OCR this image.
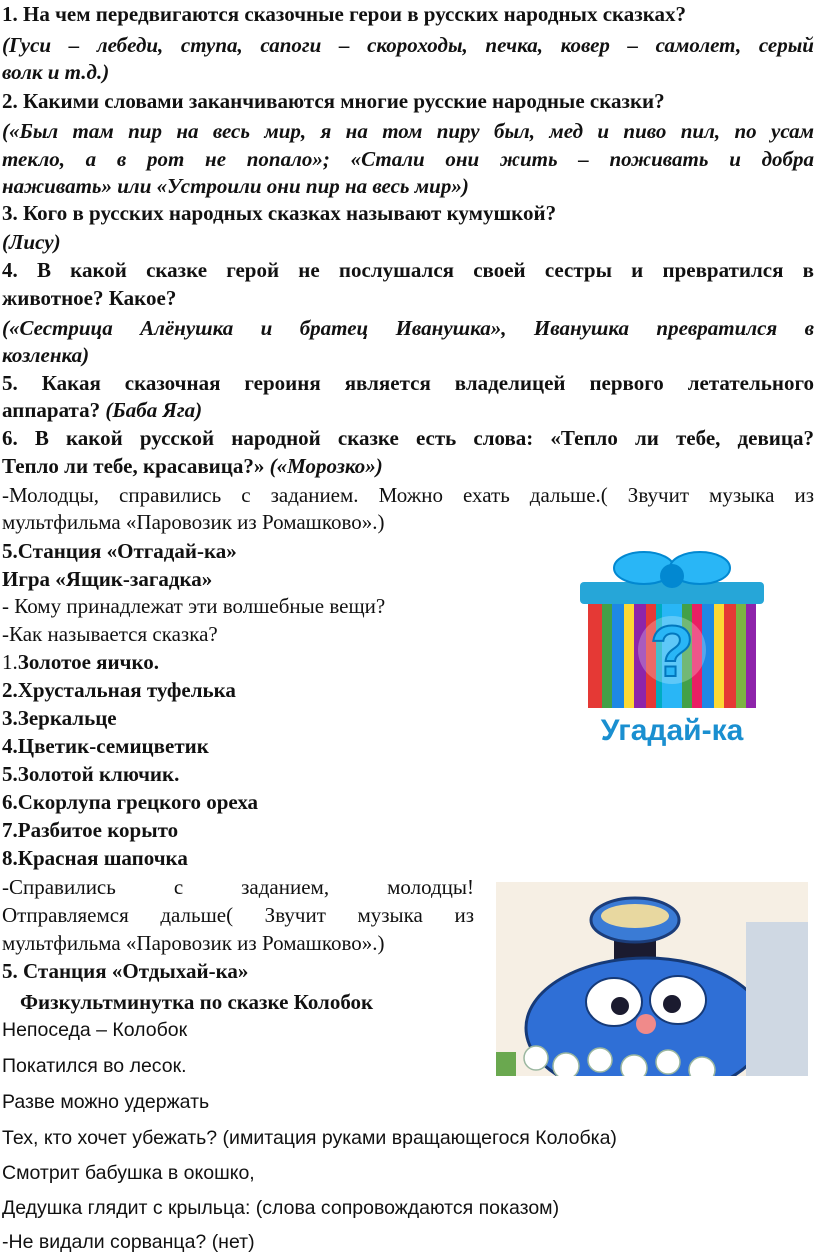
1. На чем передвигаются сказочные герои в русских народных сказках?
(Гуси – лебеди, ступа, сапоги – скороходы, печка, ковер – самолет, серый
волк и т.д.)
2. Какими словами заканчиваются многие русские народные сказки?
(«Был там пир на весь мир, я на том пиру был, мед и пиво пил, по усам
текло, а в рот не попало»; «Стали они жить – поживать и добра
наживать» или «Устроили они пир на весь мир»)
3. Кого в русских народных сказках называют кумушкой?
(Лису)
4. В какой сказке герой не послушался своей сестры и превратился в
животное? Какое?
(«Сестрица Алёнушка и братец Иванушка», Иванушка превратился в
козленка)
5. Какая сказочная героиня является владелицей первого летательного
аппарата? (Баба Яга)
6. В какой русской народной сказке есть слова: «Тепло ли тебе, девица?
Тепло ли тебе, красавица?» («Морозко»)
-Молодцы, справились с заданием. Можно ехать дальше.( Звучит музыка из
мультфильма «Паровозик из Ромашково».)
5.Станция «Отгадай-ка»
Игра «Ящик-загадка»
- Кому принадлежат эти волшебные вещи?
-Как называется сказка?
1.Золотое яичко.
2.Хрустальная туфелька
3.Зеркальце
4.Цветик-семицветик
5.Золотой ключик.
6.Скорлупа грецкого ореха
7.Разбитое корыто
8.Красная шапочка
?
Угадай-ка
-Справились с заданием, молодцы!
Отправляемся дальше( Звучит музыка из
мультфильма «Паровозик из Ромашково».)
5. Станция «Отдыхай-ка»
Физкультминутка по сказке Колобок
Непоседа – Колобок
Покатился во лесок.
Разве можно удержать
Тех, кто хочет убежать? (имитация руками вращающегося Колобка)
Смотрит бабушка в окошко,
Дедушка глядит с крыльца: (слова сопровождаются показом)
-Не видали сорванца? (нет)
